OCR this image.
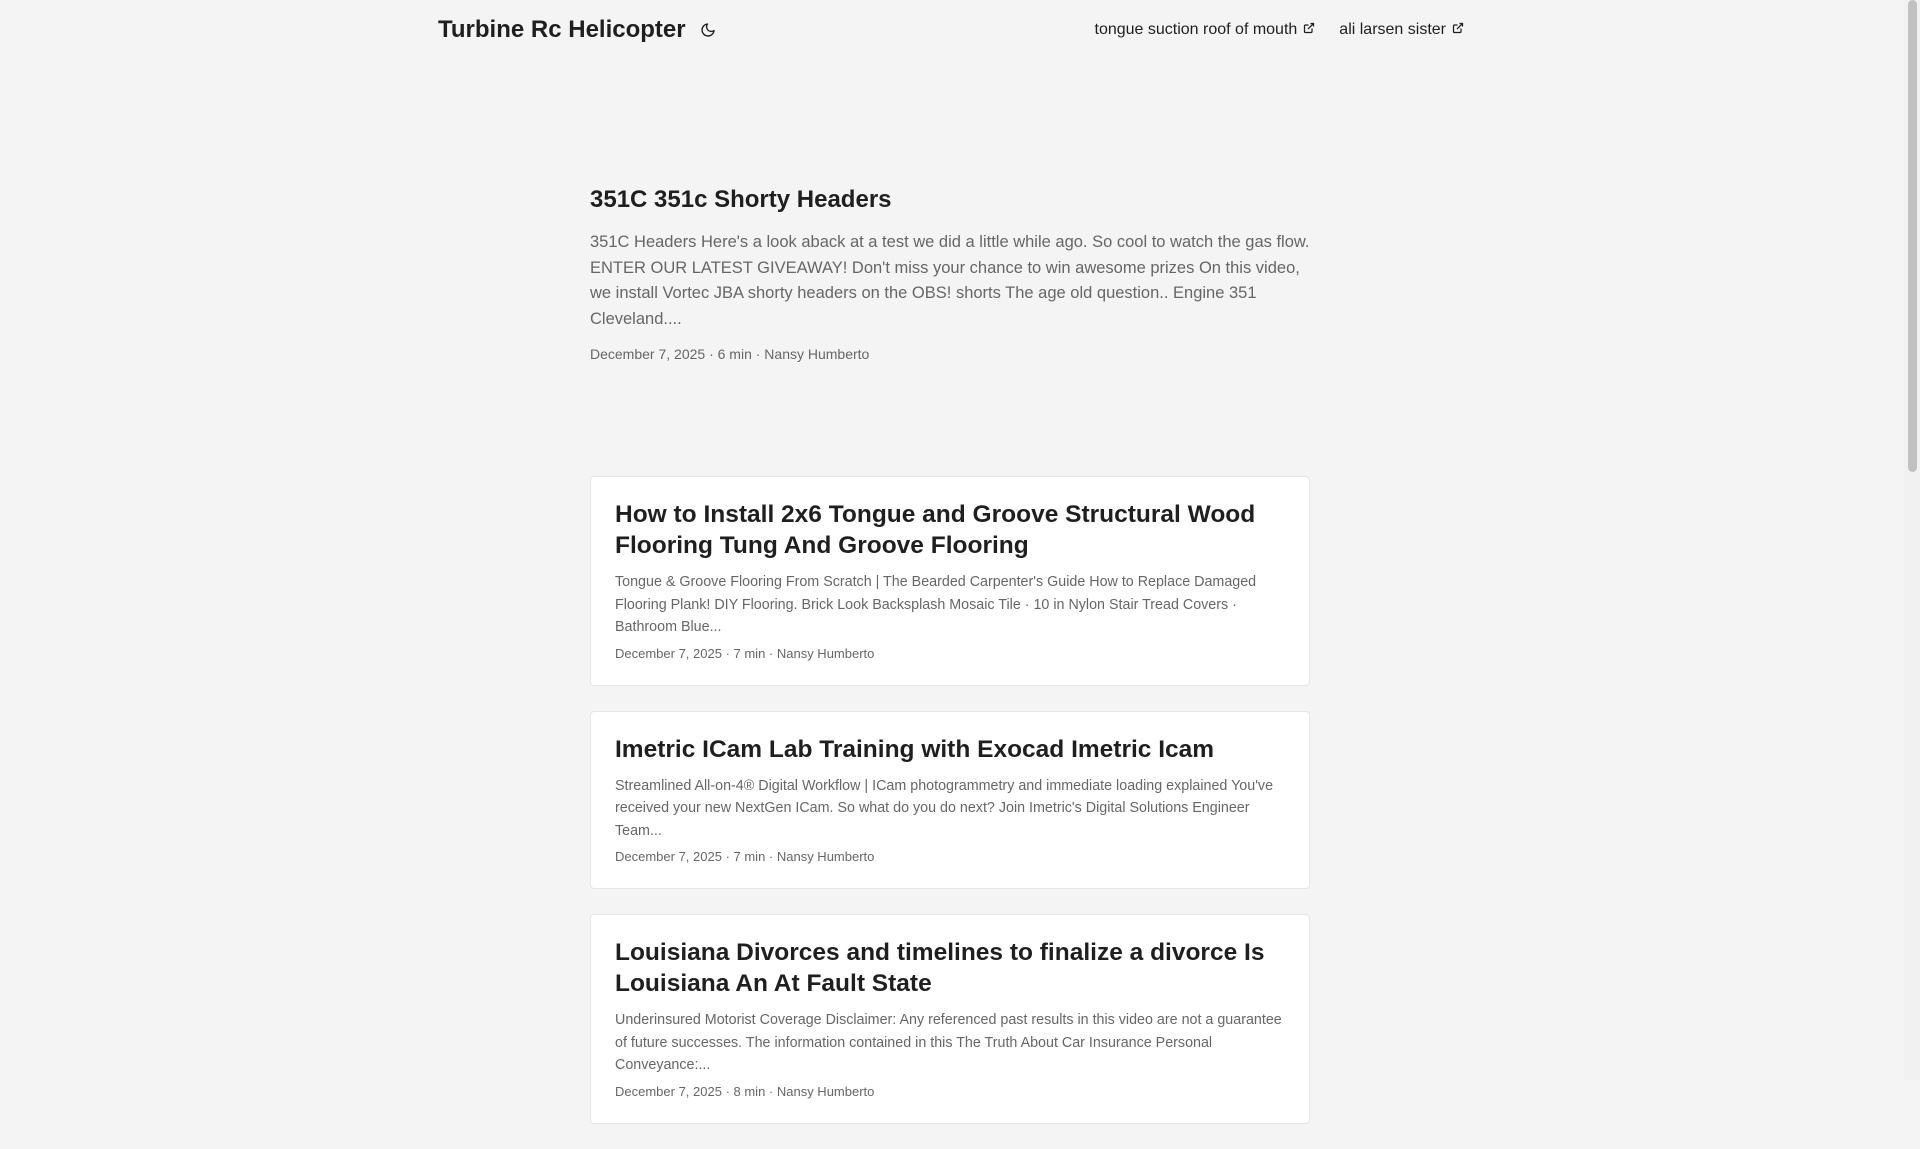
Turbine Rc Helicopter	tongue suction roof of mouth	ali larsen sister
351C 351c Shorty Headers

351C Headers Here's a look aback at a test we did a little while ago. So cool to watch the gas flow. ENTER OUR LATEST GIVEAWAY! Don't miss your chance to win awesome prizes On this video, we install Vortec JBA shorty headers on the OBS! shorts The age old question.. Engine 351 Cleveland....

December 7, 2025 · 6 min · Nansy Humberto
How to Install 2x6 Tongue and Groove Structural Wood Flooring Tung And Groove Flooring

Tongue & Groove Flooring From Scratch | The Bearded Carpenter's Guide How to Replace Damaged Flooring Plank! DIY Flooring. Brick Look Backsplash Mosaic Tile · 10 in Nylon Stair Tread Covers · Bathroom Blue...

December 7, 2025 · 7 min · Nansy Humberto
Imetric ICam Lab Training with Exocad Imetric Icam

Streamlined All-on-4® Digital Workflow | ICam photogrammetry and immediate loading explained You've received your new NextGen ICam. So what do you do next? Join Imetric's Digital Solutions Engineer Team...

December 7, 2025 · 7 min · Nansy Humberto
Louisiana Divorces and timelines to finalize a divorce Is Louisiana An At Fault State

Underinsured Motorist Coverage Disclaimer: Any referenced past results in this video are not a guarantee of future successes. The information contained in this The Truth About Car Insurance Personal Conveyance:...

December 7, 2025 · 8 min · Nansy Humberto
